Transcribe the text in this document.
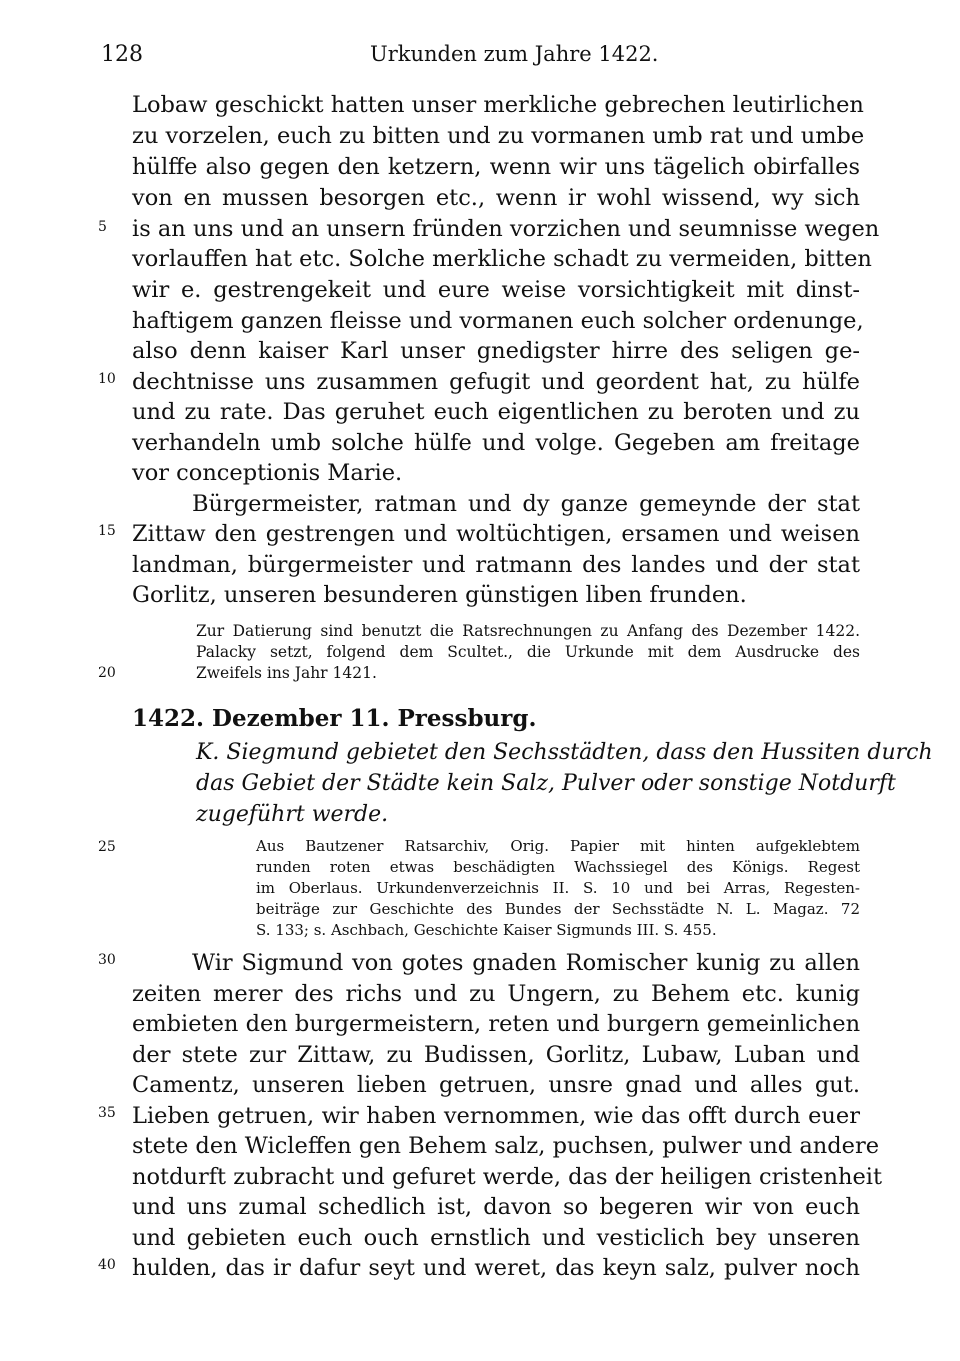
128	Urkunden zum Jahre 1422.
Lobaw geschickt hatten unser merkliche gebrechen leutirlichen
zu vorzelen, euch zu bitten und zu vormanen umb rat und umbe
hülffe also gegen den ketzern, wenn wir uns tägelich obirfalles
von en mussen besorgen etc., wenn ir wohl wissend, wy sich
is an uns und an unsern fründen vorzichen und seumnisse wegen
vorlauffen hat etc. Solche merkliche schadt zu vermeiden, bitten
wir e. gestrengekeit und eure weise vorsichtigkeit mit dinst-
haftigem ganzen fleisse und vormanen euch solcher ordenunge,
also denn kaiser Karl unser gnedigster hirre des seligen ge-
dechtnisse uns zusammen gefugit und geordent hat, zu hülfe
und zu rate. Das geruhet euch eigentlichen zu beroten und zu
verhandeln umb solche hülfe und volge. Gegeben am freitage
vor conceptionis Marie.
Bürgermeister, ratman und dy ganze gemeynde der stat
Zittaw den gestrengen und woltüchtigen, ersamen und weisen
landman, bürgermeister und ratmann des landes und der stat
Gorlitz, unseren besunderen günstigen liben frunden.
Zur Datierung sind benutzt die Ratsrechnungen zu Anfang des Dezember 1422.
Palacky setzt, folgend dem Scultet., die Urkunde mit dem Ausdrucke des
Zweifels ins Jahr 1421.
1422. Dezember 11. Pressburg.
K. Siegmund gebietet den Sechsstädten, dass den Hussiten durch
das Gebiet der Städte kein Salz, Pulver oder sonstige Notdurft
zugeführt werde.
Aus Bautzener Ratsarchiv, Orig. Papier mit hinten aufgeklebtem
runden roten etwas beschädigten Wachssiegel des Königs. Regest
im Oberlaus. Urkundenverzeichnis II. S. 10 und bei Arras, Regesten-
beiträge zur Geschichte des Bundes der Sechsstädte N. L. Magaz. 72
S. 133; s. Aschbach, Geschichte Kaiser Sigmunds III. S. 455.
Wir Sigmund von gotes gnaden Romischer kunig zu allen
zeiten merer des richs und zu Ungern, zu Behem etc. kunig
embieten den burgermeistern, reten und burgern gemeinlichen
der stete zur Zittaw, zu Budissen, Gorlitz, Lubaw, Luban und
Camentz, unseren lieben getruen, unsre gnad und alles gut.
Lieben getruen, wir haben vernommen, wie das offt durch euer
stete den Wicleffen gen Behem salz, puchsen, pulwer und andere
notdurft zubracht und gefuret werde, das der heiligen cristenheit
und uns zumal schedlich ist, davon so begeren wir von euch
und gebieten euch ouch ernstlich und vesticlich bey unseren
hulden, das ir dafur seyt und weret, das keyn salz, pulver noch
5
10
15
20
25
30
35
40
